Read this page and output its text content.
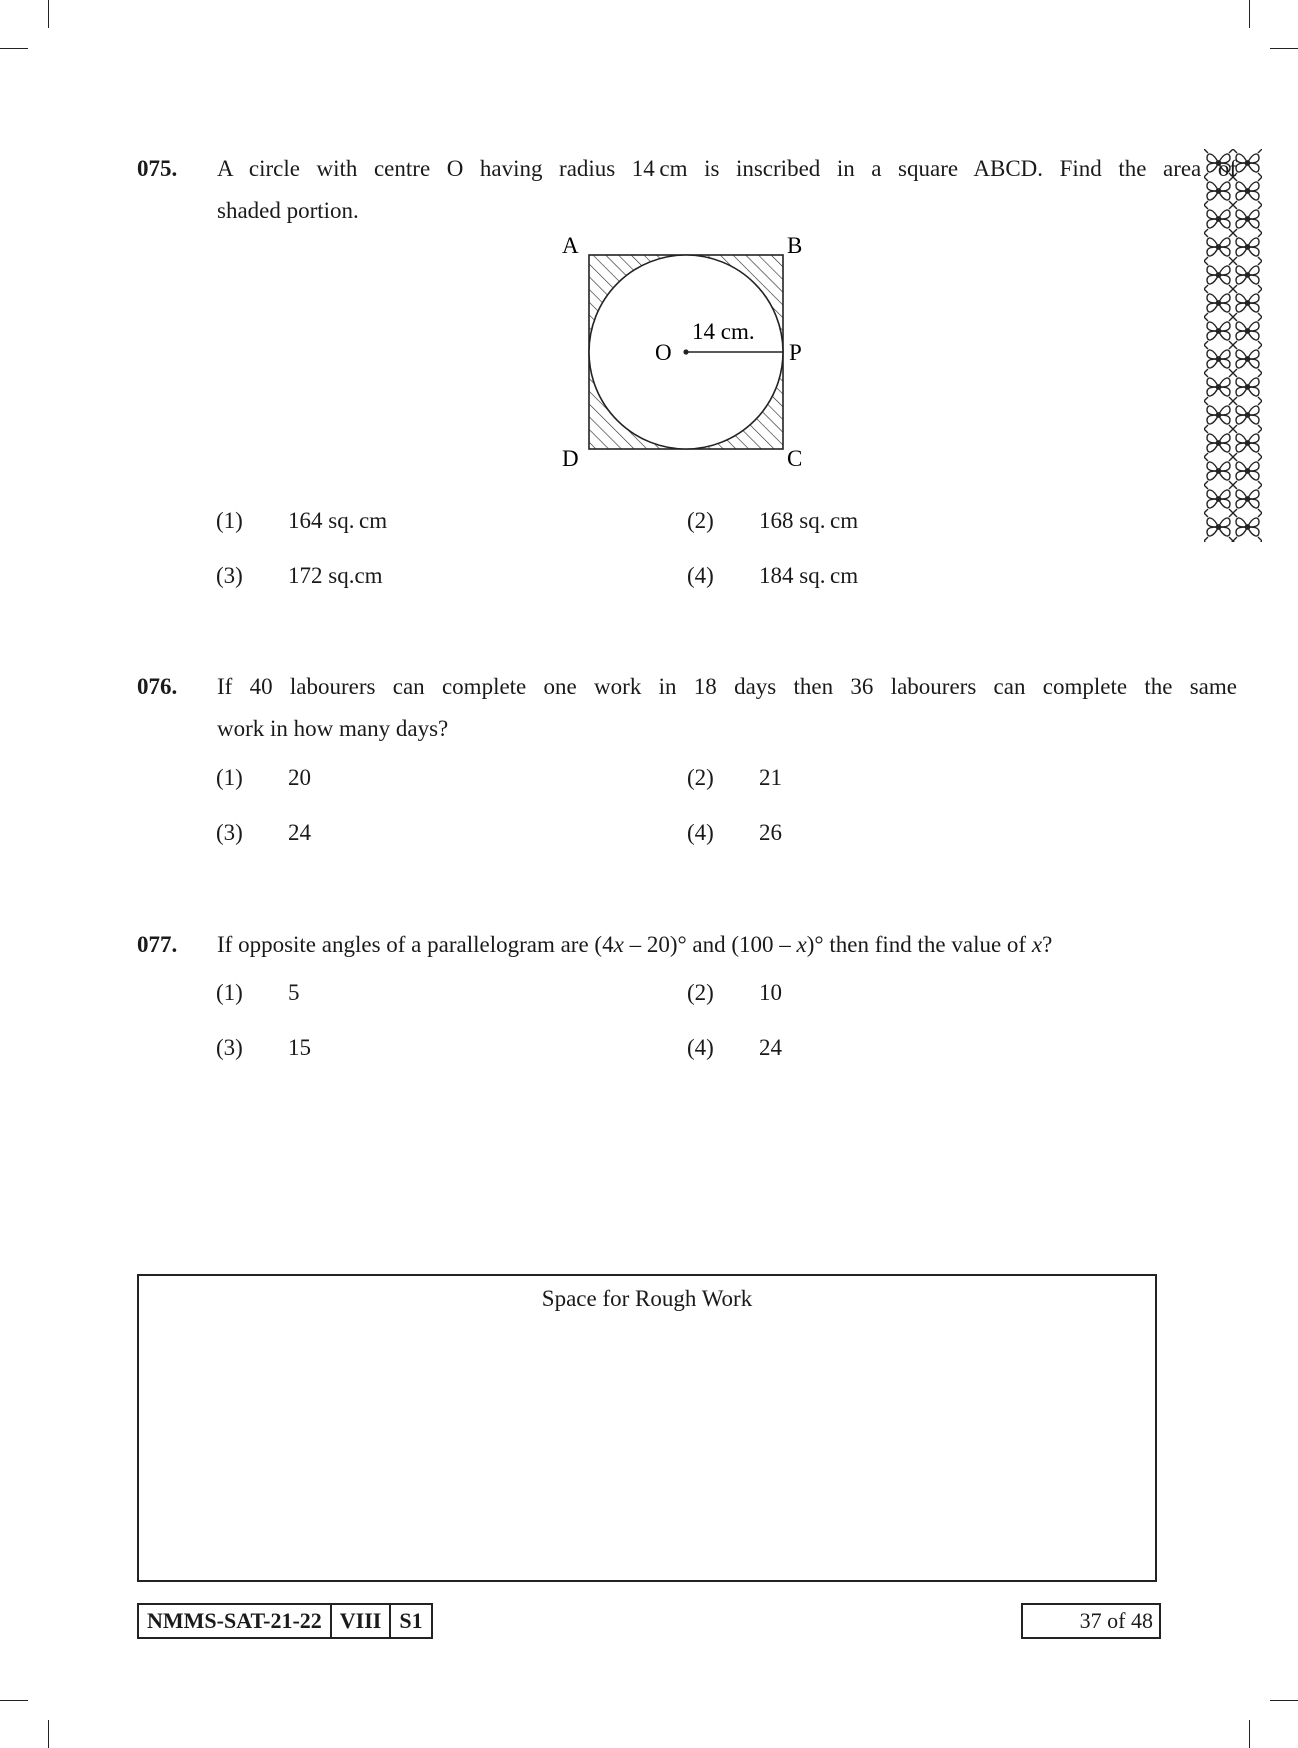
075. A circle with centre O having radius 14 cm is inscribed in a square ABCD. Find the area of
shaded portion.
A	B
C
D
O	P
14 cm.
(1) 164 sq. cm	(2) 168 sq. cm
(3) 172 sq.cm	(4) 184 sq. cm
076. If 40 labourers can complete one work in 18 days then 36 labourers can complete the same
work in how many days?
(1) 20	(2) 21
(3) 24	(4) 26
077. If opposite angles of a parallelogram are (4x – 20)° and (100 – x)° then find the value of x?
(1) 5	(2) 10
(3) 15	(4) 24
Space for Rough Work
NMMS-SAT-21-22 VIII S1	37 of 48
